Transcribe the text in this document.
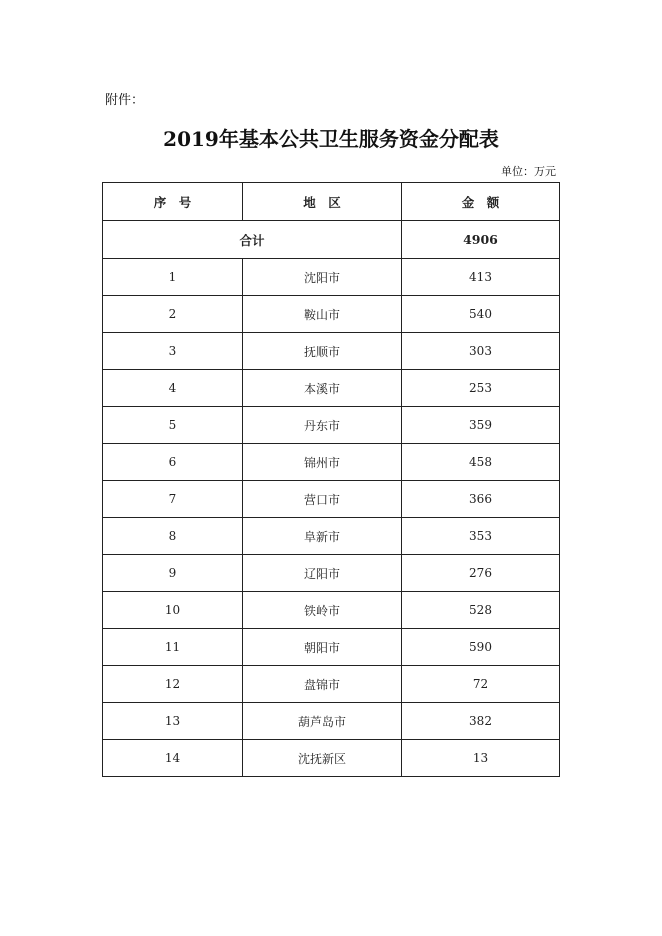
附件：
2019年基本公共卫生服务资金分配表
单位：万元
序　号	地　区	金　额
合计		4906
1	沈阳市	413
2	鞍山市	540
3	抚顺市	303
4	本溪市	253
5	丹东市	359
6	锦州市	458
7	营口市	366
8	阜新市	353
9	辽阳市	276
10	铁岭市	528
11	朝阳市	590
12	盘锦市	72
13	葫芦岛市	382
14	沈抚新区	13
